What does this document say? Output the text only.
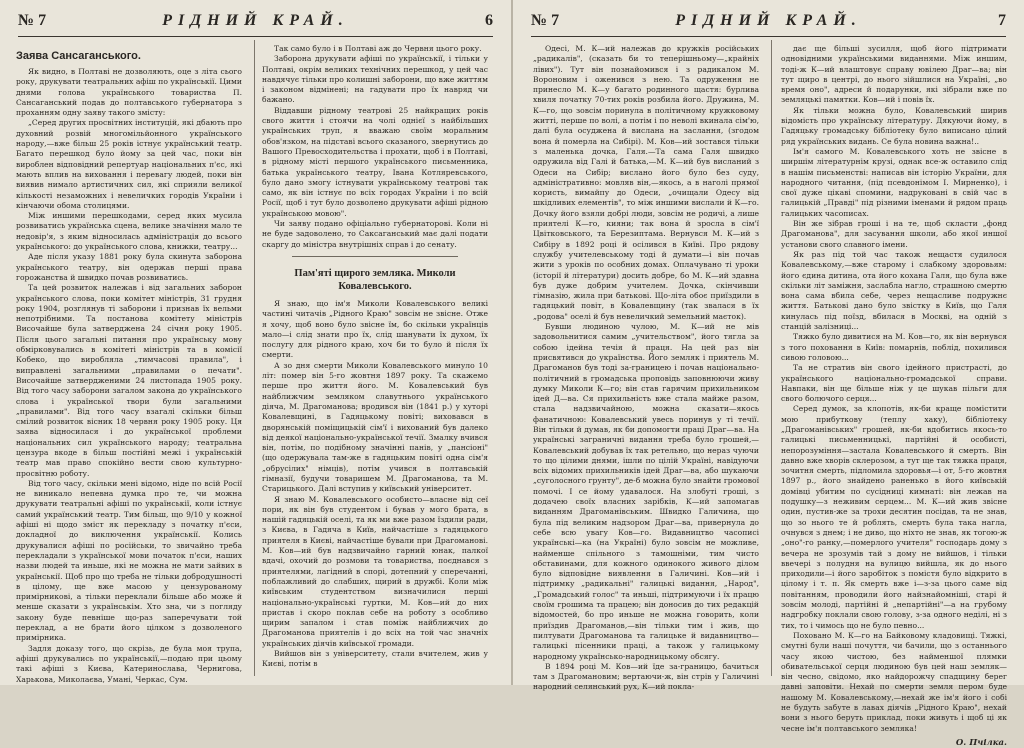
№ 7	РІДНИЙ КРАЙ.	6
Заява Сансаганського.

Як видно, в Полтаві не дозволяють, оце з літа сього року, друкувати театральних афіш по українськії. Цими днями голова українського товариства П. Сансаганський подав до полтавського губернатора з проханням одну заяву такого змісту:

„Серед других просвітних інституцій, які дбають про духовний розвій многомільйонного українського народу,—вже більш 25 років істнує український театр. Багато перешкод було йому за цей час, поки він вироблен відповідний репертуар національних п'єс, які мають вплив на виховання і перевагу людей, поки він виявив нимало артистичних сил, які сприяли великої кількості незаможних і невеличких городів України і кінчаючи обома столицями.

Між иншими перешкодами, серед яких мусила розвиватись українська сцена, велике значіння мало те недовір'я, з яким відносилась адміністрація до всього українського: до українського слова, книжки, театру...

Аде після указу 1881 року була скинута заборона українського театру, він одержав перші права горожанства й швидко почав розвиватись.

Та цей розвиток належав і від загальних заборон українського слова, поки комітет міністрів, 31 грудня року 1904, розглянув ті заборони і признав їх вельми непотрібними. Та постанова комітету міністрів Височайше була затверджена 24 січня року 1905. Після цього загальні питання про українську мову обмірковувались в комітеті міністрів та в комісії Кобеко, що виробляла „тимчасові правила", і виправлені загальними „правилами о печати". Височайше затвердженими 24 листопада 1905 року. Від того часу заборони загалом закона до українського слова і української твори були загальними „правилами". Від того часу взагалі скільки більш смілий розвиток вісник 18 червня року 1905 року. Ця заява відносилася і до української проблеми національних сил українського народу; театральна цензура вкоде в більш постійні межі і українській театр мав право спокійно вести свою культурно-просвітню роботу.

Від того часу, скільки мені відомо, ніде по всій Росії не виникало непевна думка про те, чи можна друкувати театральні афіші по українськії, коли істнує самий український театр. Тим більш, що 9/10 у кожної афіші ні щодо зміст як перекладу з початку п'єси, докладної до виключення українськії. Колись друкувалися афіші по російськи, то звичайно треба перекладали з української мови початок п'єси, наших назви людей та иньше, які не можна не мати зайвих в українськії. Щоб про що треба не тільки добродушності в цілому, ще вже масою у цензурованому примірникові, а тільки переклали більше або може й менше сказати з українськім. Хто зна, чи з погляду закону буде певніше що-раз заперечувати той переклад, а не брати його цілком з дозволеного примірника.

Задля доказу того, що скрізь, де була моя трупа, афіші друкувались по українськії,—подаю при цьому такі афіші з Києва, Катеринослава, Чернигова, Харькова, Миколаєва, Умані, Черкас, Сум.

Так само було і в Полтаві аж до Червня цього року.

Заборона друкувати афіші по українськії, і тільки у Полтаві, окрім великих технічних перешкод, у цей час навдячує тільки про колишні заборони, що вже життям і законом відмінені; на гадувати про їх навряд чи бажано.

Віддавши рідному театрові 25 найкращих років свого життя і стоячи на чолі однієї з найбільших українських труп, я вважаю своїм моральним обов'язком, на підставі всього сказаного, звернутись до Вашого Превосходительства і прохати, щоб і в Полтаві, в рідному місті першого українського письменника, батька українського театру, Івана Котляревського, було дано змогу істнувати українському театрові так само, як він істнує по всіх городах України і по всій Росії, щоб і тут було дозволено друкувати афіші рідною українською мовою".

Чи заяву подано офіціально губернаторові. Коли ні не буде задоволено, то Саксаганський має далі подати скаргу до міністра внутрішніх справ і до сенату.

Пам'яті щирого земляка. Миколи Ковалевського.

Я знаю, що ім'я Миколи Ковалевського великі частині читачів „Рідного Краю" зовсім не звісне. Отже я хочу, щоб воно було звісне їм, бо скільки українців мало—і слід знати про їх, слід шанувати їх духом, їх послугу для рідного краю, хоч би то було й після їх смерти.

А зо дня смерти Миколи Ковалевського минуло 10 літ: помер він 5-го жовтня 1897 року. Та скажемо перше про життя його. М. Ковалевський був найближчим земляком славутнього українського діяча, М. Драгоманова; вродився він (1841 р.) у хуторі Ковалевщині, в Гадяцькому повіті; виховався в дворянській поміщицькій сім'ї і вихований був далеко від деякої національно-української течії. Змалку вчився він, потім, по подібному значінні панів, у „пансіоні" (що одержувала там-же в гадяцьким повіті одна сім'я „обрусілих" німців), потім учився в полтавській гімназії, будучи товаришем М. Драгоманова, та М. Старицького. Далі вступив у київський університет.

Я знаю М. Ковалевського особисто—власне від сеї пори, як він був студентом і бував у мого брата, в нашій гадяцькій оселі, та як ми вже разом їздили ради, з Києва, в Гадяча в Київ, найчастіше з гадяцького приятеля в Києві, найчастіше бували при Драгоманові. М. Ков—ий був надзвичайно гарний юнак, палкої вдачі, охочий до розмови та товариства, поєднався з приятелями, лагідний в спорі, дотепний у сперечанні, поблажливий до слабших, щирий в дружбі. Коли між київським студентством визначилися перші національно-українські гуртки, М. Ков—ий до них пристав і скоро поклав себе на роботу з особливо щирим запалом і став поміж найближчих до Драгоманова приятелів і до всіх на той час значніх українських діячів київської громади.

Вийшов він з університету, стали вчителем, жив у Києві, потім в

№ 7	РІДНИЙ КРАЙ.	7

Одесі, М. К—ий належав до кружків російських „радикалів", (сказать би то теперішньому—„крайніх лівих"). Тут він познайомився і з радикалом М. Вороновим і оженився з нею. Та одруження не принесло М. К—у багато родинного щастя: бурлива хвиля початку 70-тих років розбила його. Дружина, М. К—го, що зовсім поринула в політичному кружковому житті, перше по волі, а потім і по неволі вкинала сім'ю, далі була осуджена й вислана на заслання, (згодом вона й померла на Сибірі). М. Ков—ий зостався тільки з маленька дочка, Галя.—Та сама Галя швидко одружила від Галі й батька,—М. К—ий був висланий з Одеси на Сибір; вислано його було без суду, адміністративно: мовляв він,—якось, а в наголі прямої користь, вимайпу до Одеси, „очищали Одесу від шкідливих елементів", то між иншими вислали й К—го. Дочку його взяли добрі люди, зовсім не родичі, а лише приятелі К—го, кияни; так вона й зросла в сім'ї Цвітковського, та Березиптама. Вернувся М. К—ий з Сибіру в 1892 році й осілився в Київі. Про рядову службу учителевському тоді й думати—і він почав жити з уроків по особних домах. Оплачувано ті уроки (історії й літератури) досить добре, бо М. К—ий здавна був дуже добрим учителем. Дочка, скінчивши гімназію, жила при батькові. Що-літа обоє приїздили в гадяцький повіт, в Ковалевщину (так звалася в їх „родова" оселі й був невеличкий земельний маєток).

Бувши людиною чулою, М. К—ий не мів задовольнитися самим „учительством", його тягла за собою ідейна течія й праця. На цей раз він присвятився до українства. Його земляк і приятель М. Драгоманов був тоді за-границею і почав національно-політичний в громадська проповідь заповнюючи живу думку Миколи К—го; він став гарячим прихильником ідей Д—ва. Ся прихильність вже стала майже разом, стала надзвичайною, можна сказати—якось фанатичною: Ковалевський увесь поринув у ті течії. Він тільки й думав, як би допомогти праці Драг—ва. На українські заграничні видання треба було грошей,—Ковалевський добував їх так ретельно, що нераз чуючи то що цілими днями, ішли по цілій Україні, навідуючи всіх відомих прихильників ідей Драг—ва, або шукаючи „суголосного грунту", де-б можна було знайти громової помочі. І се йому удавалося. На злобуті гроші, з додачею своїх власних зарібків, К—ий запомагав виданням Драгоманівським. Швидко Галичина, що була під великим надзором Драг—ва, привернула до себе всю увагу Ков—го. Видавництво часописі українські—ка (на Україні) було зовсім не можливе, найменше спільного з тамошніми, тим чисто обставинами, для кожного одинокого живого ділом було відповідне виявлення в Галичині. Ков—ий і підтримку „радикальні" галицькі видання, „Народ", „Громадський голос" та иньші, підтримуючи і їх працю своїм грошима та працею; він доносив до тих редакцій відомостей, бо про иньше не можна говорить, коли приїздив Драгоманов,—він тільки тим і жив, що пилтувати Драгоманова та галицьке й видавництво—галицькі пісенники праці, а також у галицькому народному українсько-народницькому обсягу.

В 1894 році М. Ков—ий їде за-границю, бачиться там з Драгомановим; вертаючи-ж, він стрів у Галичині народний селянський рух, К—ий покла-

дає ще більші зусилля, щоб його підтримати одновідними українськими виданнями. Між иншим, тоді-ж К—ий влаштовує справу ювілею Драг—ва; він тут щиро в центрі, до нього зійшлися на Україні, „во время оно", адреси й подарунки, які зібрали вже по земляцькі памятки. Ков—ий і повів їх.

Як тільки можна було, Ковалевський ширив відомість про українську літературу. Дякуючи йому, в Гадяцьку громадську бібліотеку було виписано цілий ряд українських видань. Се була новина важна!..

Ім'я самого М. Ковалевського хоть не звісне в ширшім літературнім крузі, однак все-ж оставило слід в нашім письменстві: написав він історію України, для народного читання, (під псевдонімом І. Мирненко), і свої дуже цікаві спомини, надруковані в свій час в галицькій „Правді" під різними іменами й рядом праць галицьких часописах.

Він же зібрав гроші і на те, щоб скласти „фонд Драгоманова", для засування школи, або якої иншої установи свого славного імени.

Як раз під той час також нещастя судилося Ковалевському,—вже старому і слабкому здоровьям: його єдина дитина, ота його кохана Галя, що була вже скільки літ заміжня, заслабла нагло, страшною смертю вона сама вбила себе, через нещасливе подружнє життя. Батькові дано було звістку в Київ, що Галя кинулась під поїзд, вбилася в Москві, на одній з станцій залізниці...

Тяжко було дивитися на М. Ков—го, як він вернувся з того поховання в Київ: помарнів, поблід, похилився сивою головою...

Та не стратив він свого ідейного пристрасті, до українського національно-громадської справи. Навпаки, він ще більше ніж у це шукав пільги для свого болючого серця...

Серед думок, за клопотів, як-би краще помістити мою прибуткову (теплу хаку), бібліотеку „Драгоманівських" грошей, як-би вдобитись якось-то галицькі письменницькі, партійні й особисті, непорозуміння—застала Ковалевського й смерть. Він давно вже хворів склерозом, а тут ще так тяжка праця, зочитня смерть, підломила здоровья—і от, 5-го жовтня 1897 р., його знайдено раненько в його київській домівці убитим по сусідниці кимнаті: він лежав на подушку—з неживим серцем... М. К—ий жив звісне один, пустив-же за трохи десятин посідав, та не знав, що зо нього те й роблять, смерть була така нагла, очнувся з днем; і не диво, що ніхто не знав, як тогою-ж „оно"-го ранку,—померлого учителя" господарь дому з вечера не зрозумів тай з дому не вийшов, і тільки ввечері з полудня на вулицю вийшла, як до нього приходили—і його заробіток з помістя було відкрито в цілому і т. п. Як смерть вже і—з-за цього саме від повітанням, проводили його найзнайомніші, старі й зовсім молоді, партійні й „непартійні"—а на грубому надгробку поклали свою голову, з-за одного неділі, ні з тих, то і чимось що не було певно...

Поховано М. К—го на Байковому кладовищі. Тяжкі, смутні були наші почуття, чи бачили, що з останнього часу якою чистою, без найменшої плямки обивательської серця людиною був цей наш земляк—він чесно, свідомо, яко найдорожчу спадщину берег давні заповіти. Нехай по смерти земля пером буде нашому М. Ковалевському,—нехай же ім'я його і собі не будуть забуте в лавах діячів „Рідного Краю", нехай вони з нього беруть приклад, поки живуть і щоб ці як чесне ім'я полтавського земляка!

О. Пчілка.
